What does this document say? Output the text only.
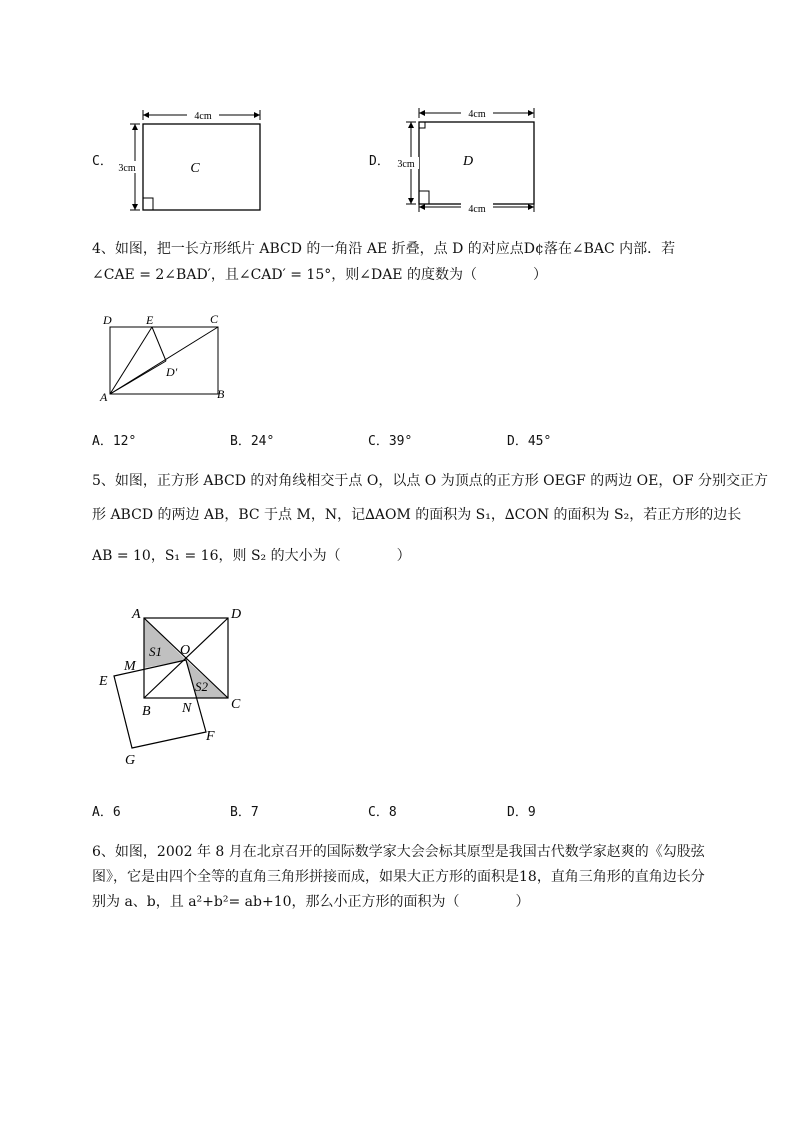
C．
4cm
3cm	C	D．
4cm
4cm
3cm	D
4、如图，把一长方形纸片 ABCD 的一角沿 AE 折叠，点 D 的对应点D¢落在∠BAC 内部．若
∠CAE = 2∠BAD′，且∠CAD′ = 15°，则∠DAE 的度数为（　　　　）
D	E	C
D′
A	B
A．12°	B．24°	C．39°	D．45°
5、如图，正方形 ABCD 的对角线相交于点 O，以点 O 为顶点的正方形 OEGF 的两边 OE，OF 分别交正方
形 ABCD 的两边 AB，BC 于点 M，N，记∆AOM 的面积为 S₁，∆CON 的面积为 S₂，若正方形的边长
AB = 10，S₁ = 16，则 S₂ 的大小为（　　　　）
A	D
O
S1
M
E	S2
B N	C
F
G
A．6	B．7	C．8	D．9
6、如图，2002 年 8 月在北京召开的国际数学家大会会标其原型是我国古代数学家赵爽的《勾股弦
图》，它是由四个全等的直角三角形拼接而成，如果大正方形的面积是18，直角三角形的直角边长分
别为 a、b，且 a²+b²= ab+10，那么小正方形的面积为（　　　　）
